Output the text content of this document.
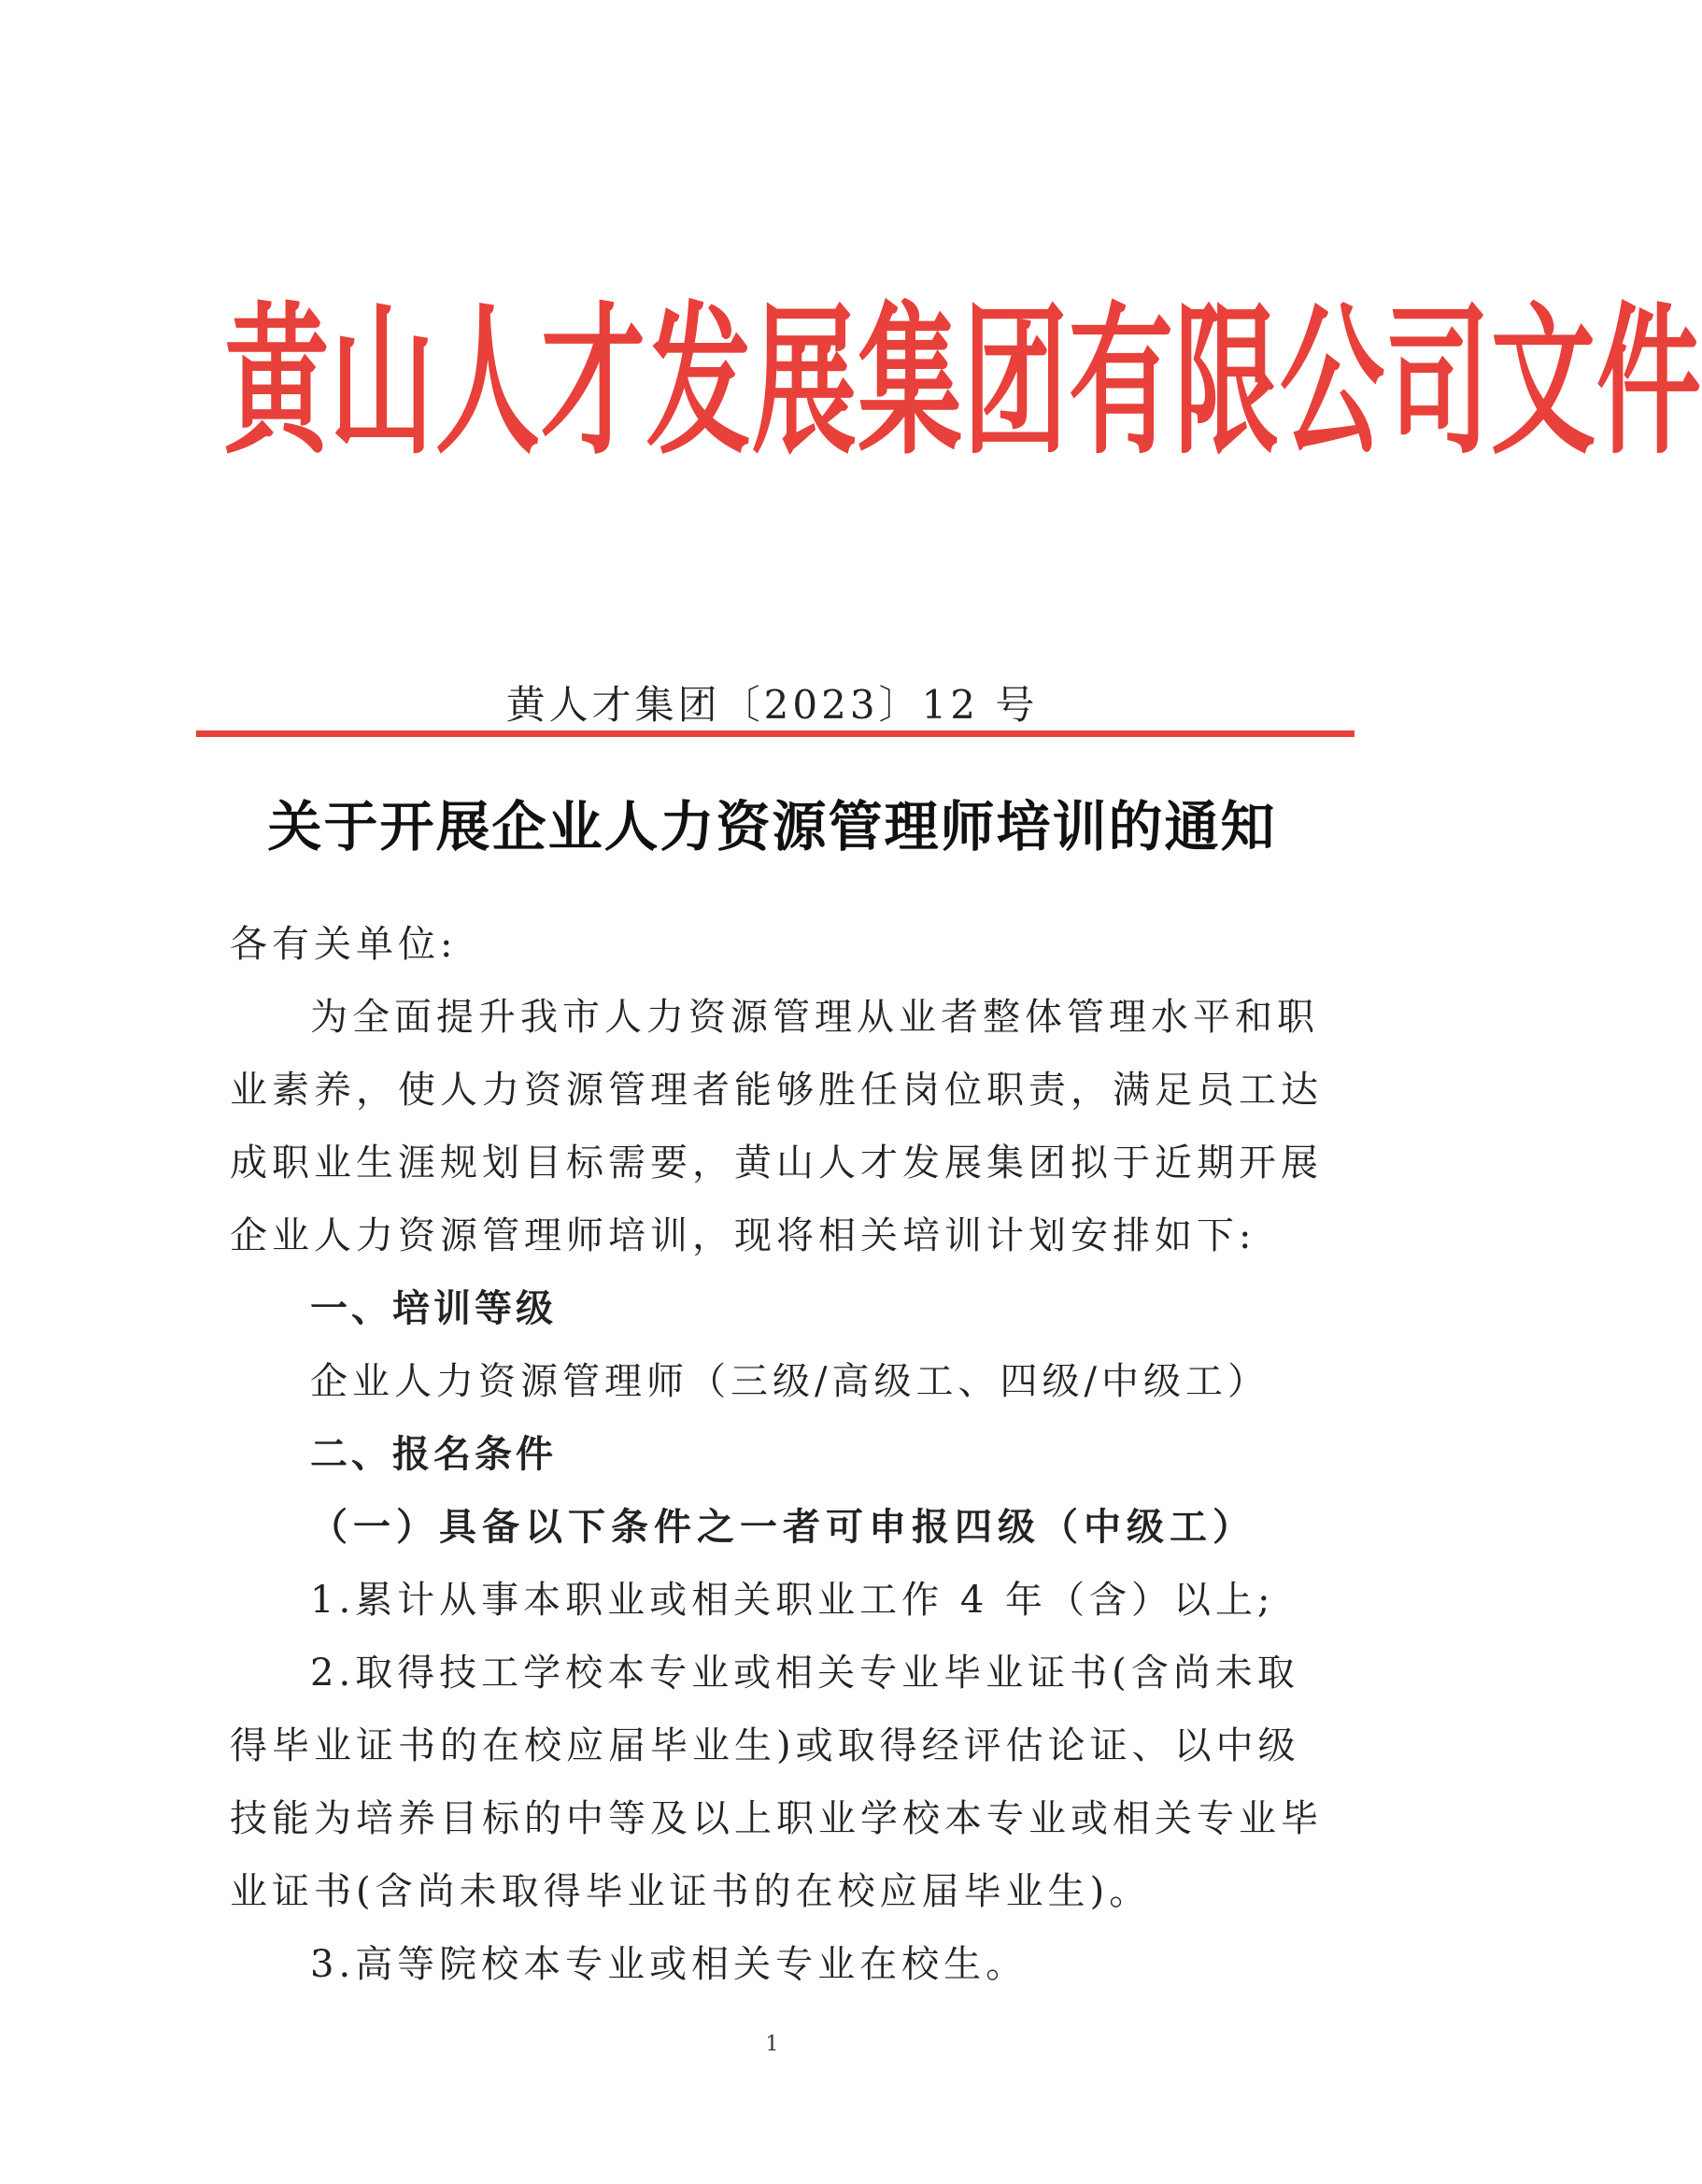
黄山人才发展集团有限公司文件
黄人才集团〔2023〕12 号
关于开展企业人力资源管理师培训的通知

各有关单位:

为全面提升我市人力资源管理从业者整体管理水平和职业素养，使人力资源管理者能够胜任岗位职责，满足员工达成职业生涯规划目标需要，黄山人才发展集团拟于近期开展企业人力资源管理师培训，现将相关培训计划安排如下:

一、培训等级

企业人力资源管理师（三级/高级工、四级/中级工）

二、报名条件

（一）具备以下条件之一者可申报四级（中级工）

1.累计从事本职业或相关职业工作 4 年（含）以上;

2.取得技工学校本专业或相关专业毕业证书(含尚未取得毕业证书的在校应届毕业生)或取得经评估论证、以中级技能为培养目标的中等及以上职业学校本专业或相关专业毕业证书(含尚未取得毕业证书的在校应届毕业生)。

3.高等院校本专业或相关专业在校生。

1
